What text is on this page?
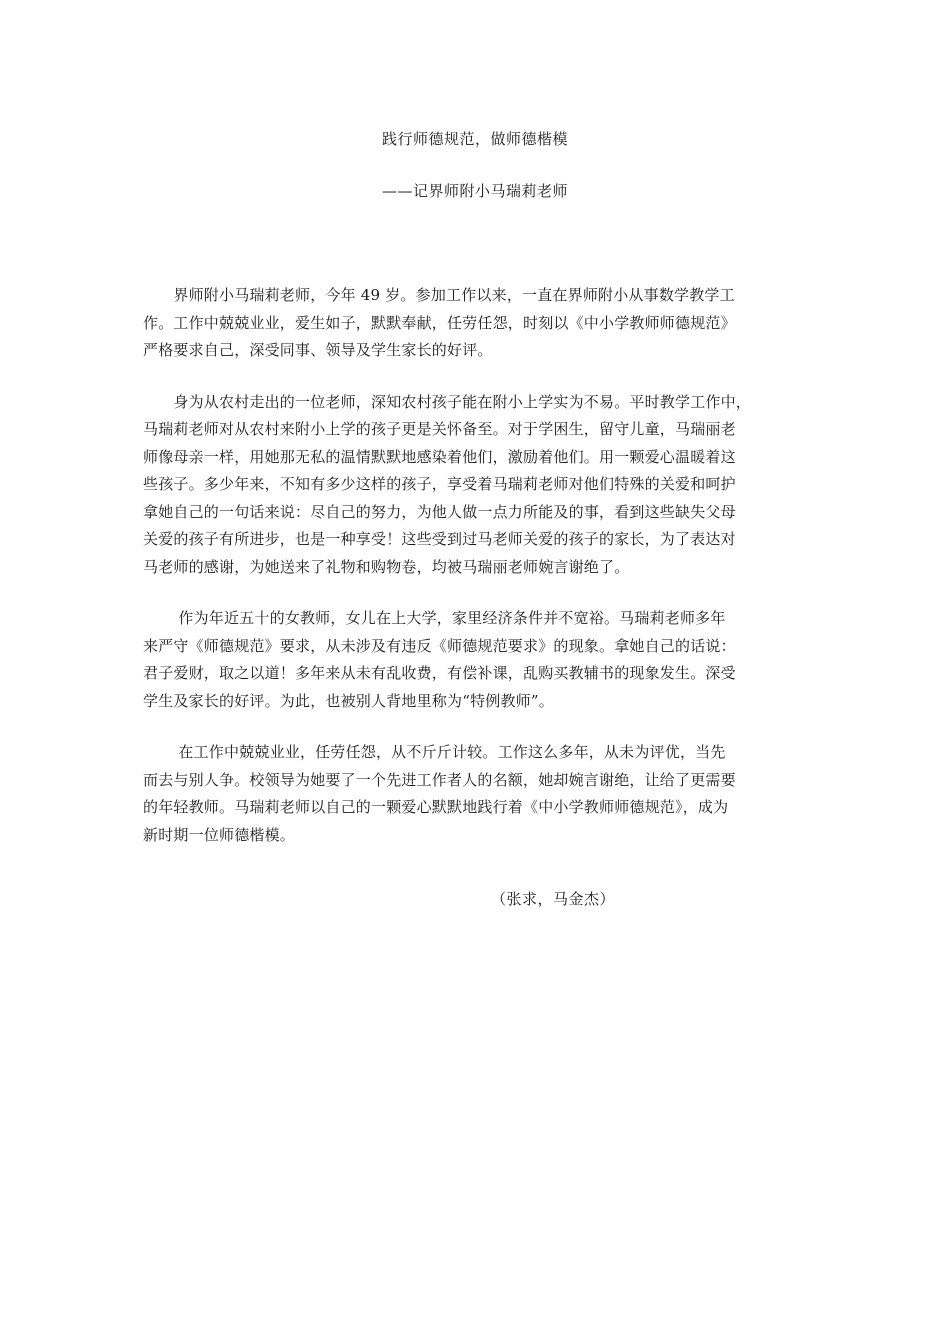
践行师德规范，做师德楷模
——记界师附小马瑞莉老师

　　界师附小马瑞莉老师，今年 49 岁。参加工作以来，一直在界师附小从事数学教学工
作。工作中兢兢业业，爱生如子，默默奉献，任劳任怨，时刻以《中小学教师师德规范》
严格要求自己，深受同事、领导及学生家长的好评。

　　身为从农村走出的一位老师，深知农村孩子能在附小上学实为不易。平时教学工作中，
马瑞莉老师对从农村来附小上学的孩子更是关怀备至。对于学困生，留守儿童，马瑞丽老
师像母亲一样，用她那无私的温情默默地感染着他们，激励着他们。用一颗爱心温暖着这
些孩子。多少年来，不知有多少这样的孩子，享受着马瑞莉老师对他们特殊的关爱和呵护
拿她自己的一句话来说：尽自己的努力，为他人做一点力所能及的事，看到这些缺失父母
关爱的孩子有所进步，也是一种享受！这些受到过马老师关爱的孩子的家长，为了表达对
马老师的感谢，为她送来了礼物和购物卷，均被马瑞丽老师婉言谢绝了。

　　 作为年近五十的女教师，女儿在上大学，家里经济条件并不宽裕。马瑞莉老师多年
来严守《师德规范》要求，从未涉及有违反《师德规范要求》的现象。拿她自己的话说：
君子爱财，取之以道！多年来从未有乱收费，有偿补课，乱购买教辅书的现象发生。深受
学生及家长的好评。为此，也被别人背地里称为“特例教师”。

　　 在工作中兢兢业业，任劳任怨，从不斤斤计较。工作这么多年，从未为评优，当先
而去与别人争。校领导为她要了一个先进工作者人的名额，她却婉言谢绝，让给了更需要
的年轻教师。马瑞莉老师以自己的一颗爱心默默地践行着《中小学教师师德规范》，成为
新时期一位师德楷模。

（张求，马金杰）
